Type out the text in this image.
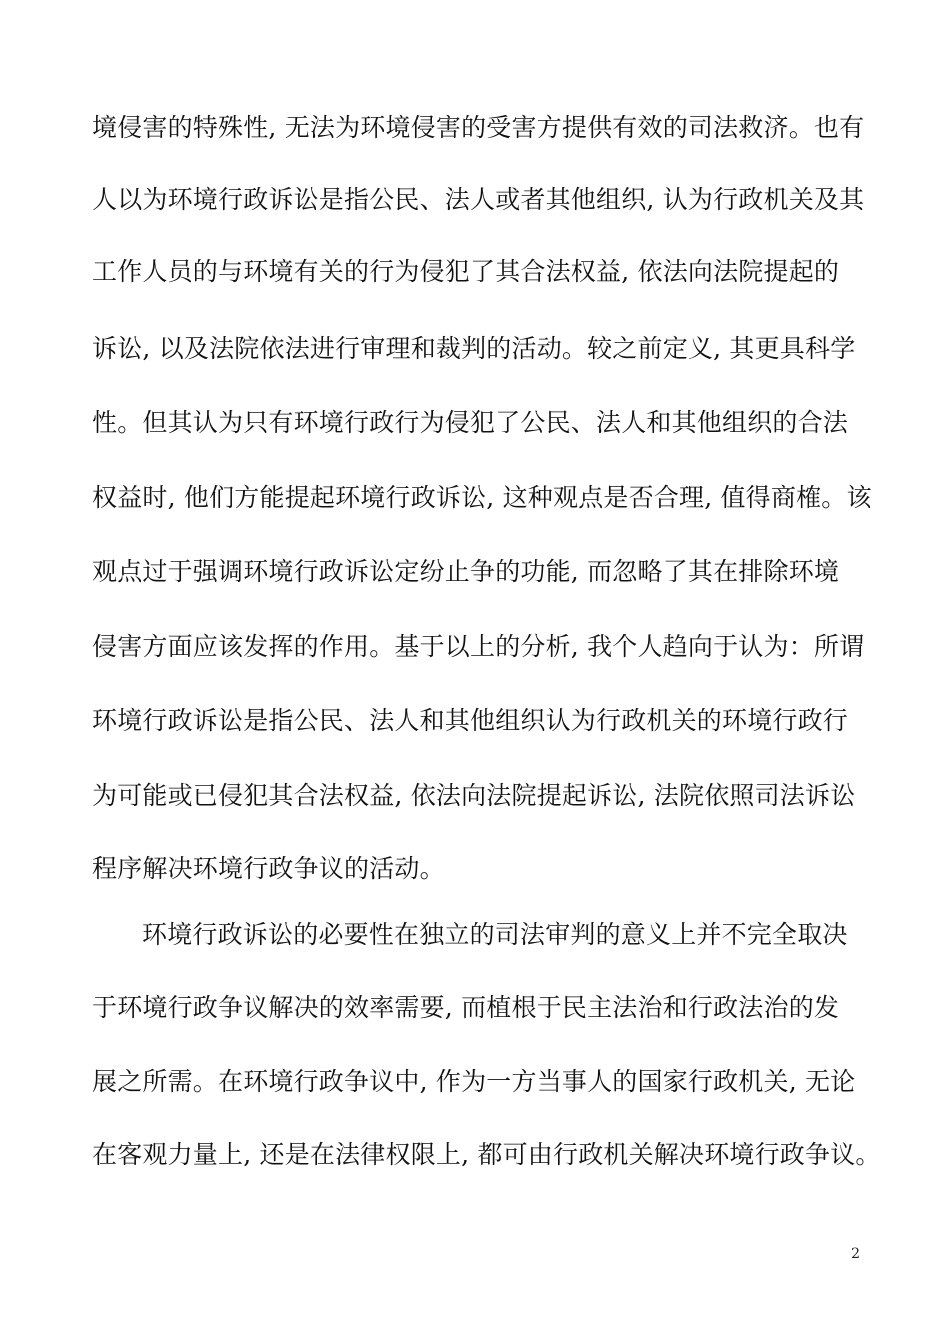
境侵害的特殊性, 无法为环境侵害的受害方提供有效的司法救济。也有
人以为环境行政诉讼是指公民、法人或者其他组织, 认为行政机关及其
工作人员的与环境有关的行为侵犯了其合法权益, 依法向法院提起的
诉讼, 以及法院依法进行审理和裁判的活动。较之前定义, 其更具科学
性。但其认为只有环境行政行为侵犯了公民、法人和其他组织的合法
权益时, 他们方能提起环境行政诉讼, 这种观点是否合理, 值得商榷。该
观点过于强调环境行政诉讼定纷止争的功能, 而忽略了其在排除环境
侵害方面应该发挥的作用。基于以上的分析, 我个人趋向于认为：所谓
环境行政诉讼是指公民、法人和其他组织认为行政机关的环境行政行
为可能或已侵犯其合法权益, 依法向法院提起诉讼, 法院依照司法诉讼
程序解决环境行政争议的活动。
环境行政诉讼的必要性在独立的司法审判的意义上并不完全取决
于环境行政争议解决的效率需要, 而植根于民主法治和行政法治的发
展之所需。在环境行政争议中, 作为一方当事人的国家行政机关, 无论
在客观力量上, 还是在法律权限上, 都可由行政机关解决环境行政争议。
2
